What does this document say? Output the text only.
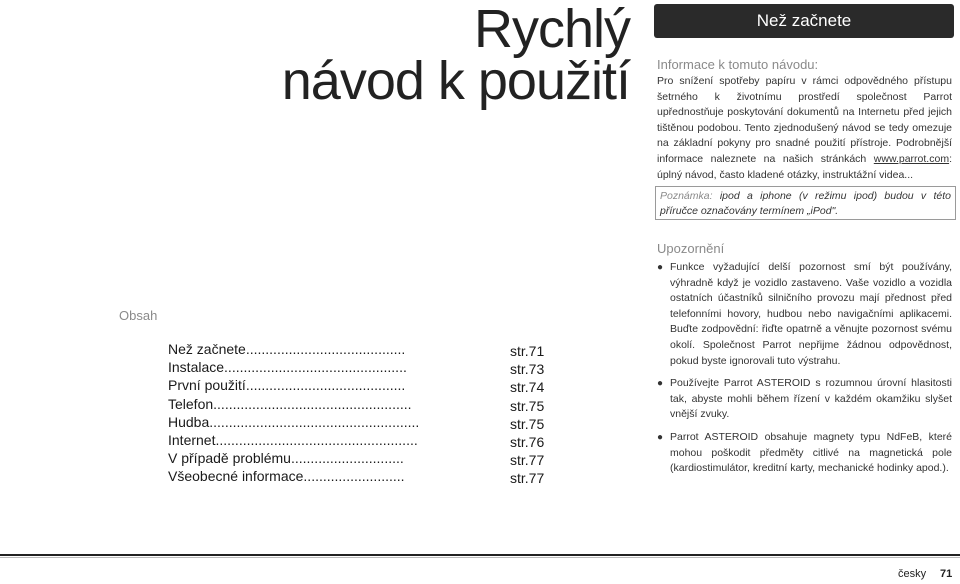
Rychlý
návod k použití
Než začnete
Informace k tomuto návodu:
Pro snížení spotřeby papíru v rámci odpovědného přístupu šetrného k životnímu prostředí společnost Parrot upřednostňuje poskytování dokumentů na Internetu před jejich tištěnou podobou. Tento zjednodušený návod se tedy omezuje na základní pokyny pro snadné použití přístroje. Podrobnější informace naleznete na našich stránkách www.parrot.com: úplný návod, často kladené otázky, instruktážní videa...
Poznámka: ipod a iphone (v režimu ipod) budou v této příručce označovány termínem „iPod".
Upozornění
● Funkce vyžadující delší pozornost smí být používány, výhradně když je vozidlo zastaveno. Vaše vozidlo a vozidla ostatních účastníků silničního provozu mají přednost před telefonními hovory, hudbou nebo navigačními aplikacemi. Buďte zodpovědní: řiďte opatrně a věnujte pozornost svému okolí. Společnost Parrot nepřijme žádnou odpovědnost, pokud byste ignorovali tuto výstrahu.
● Používejte Parrot ASTEROID s rozumnou úrovní hlasitosti tak, abyste mohli během řízení v každém okamžiku slyšet vnější zvuky.
● Parrot ASTEROID obsahuje magnety typu NdFeB, které mohou poškodit předměty citlivé na magnetická pole (kardiostimulátor, kreditní karty, mechanické hodinky apod.).
Obsah
Než začnete.........................................	str.71
Instalace...............................................	str.73
První použití.........................................	str.74
Telefon...................................................	str.75
Hudba......................................................	str.75
Internet....................................................	str.76
V případě problému.............................	str.77
Všeobecné informace..........................	str.77
česky 71
